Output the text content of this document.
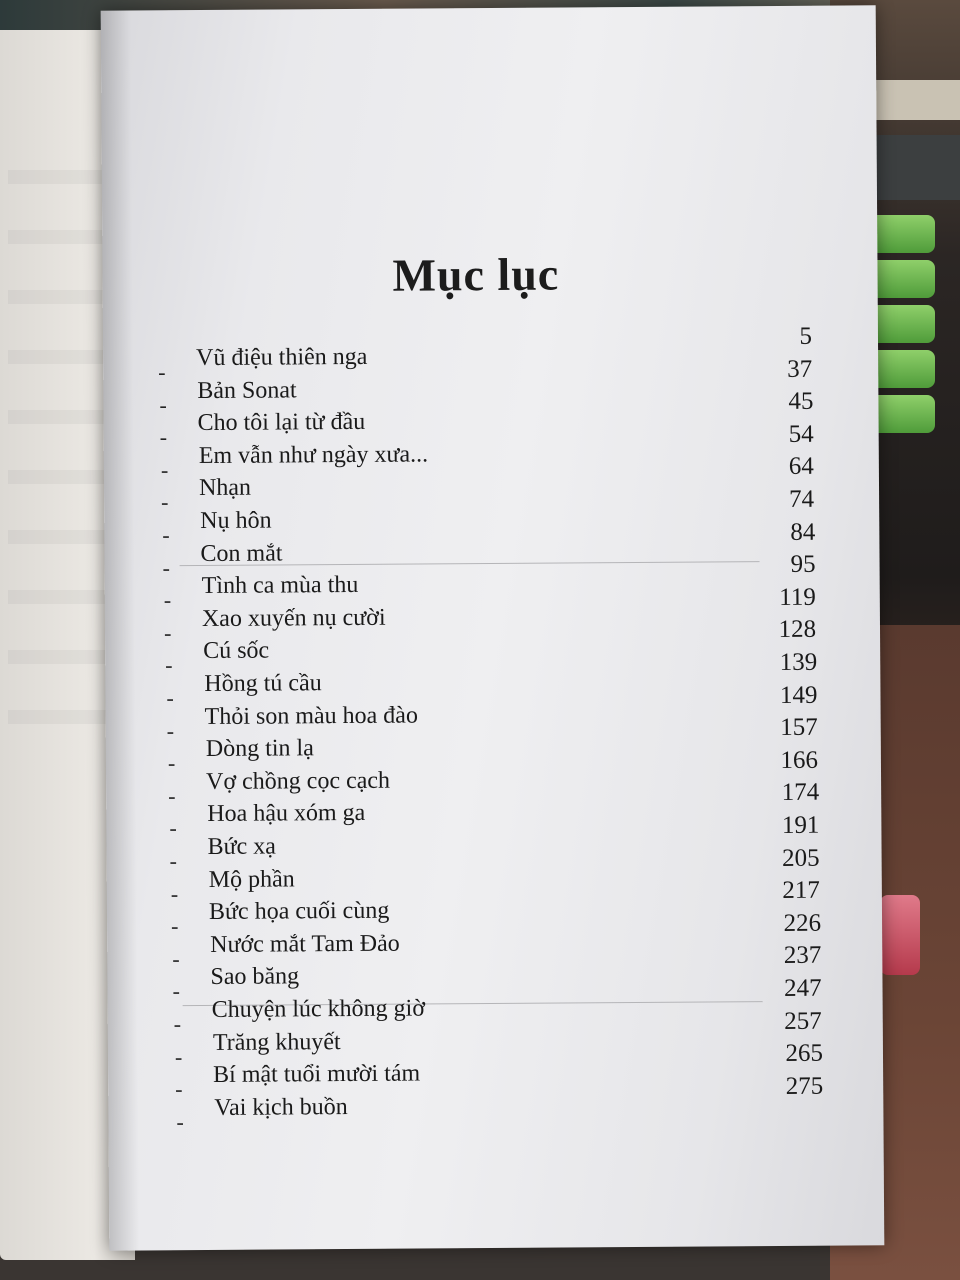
Mục lục
-
Vũ điệu thiên nga
5
-
Bản Sonat
37
-
Cho tôi lại từ đầu
45
-
Em vẫn như ngày xưa...
54
-
Nhạn
64
-
Nụ hôn
74
-
Con mắt
84
-
Tình ca mùa thu
95
-
Xao xuyến nụ cười
119
-
Cú sốc
128
-
Hồng tú cầu
139
-
Thỏi son màu hoa đào
149
-
Dòng tin lạ
157
-
Vợ chồng cọc cạch
166
-
Hoa hậu xóm ga
174
-
Bức xạ
191
-
Mộ phần
205
-
Bức họa cuối cùng
217
-
Nước mắt Tam Đảo
226
-
Sao băng
237
-
Chuyện lúc không giờ
247
-
Trăng khuyết
257
-
Bí mật tuổi mười tám
265
-
Vai kịch buồn
275
